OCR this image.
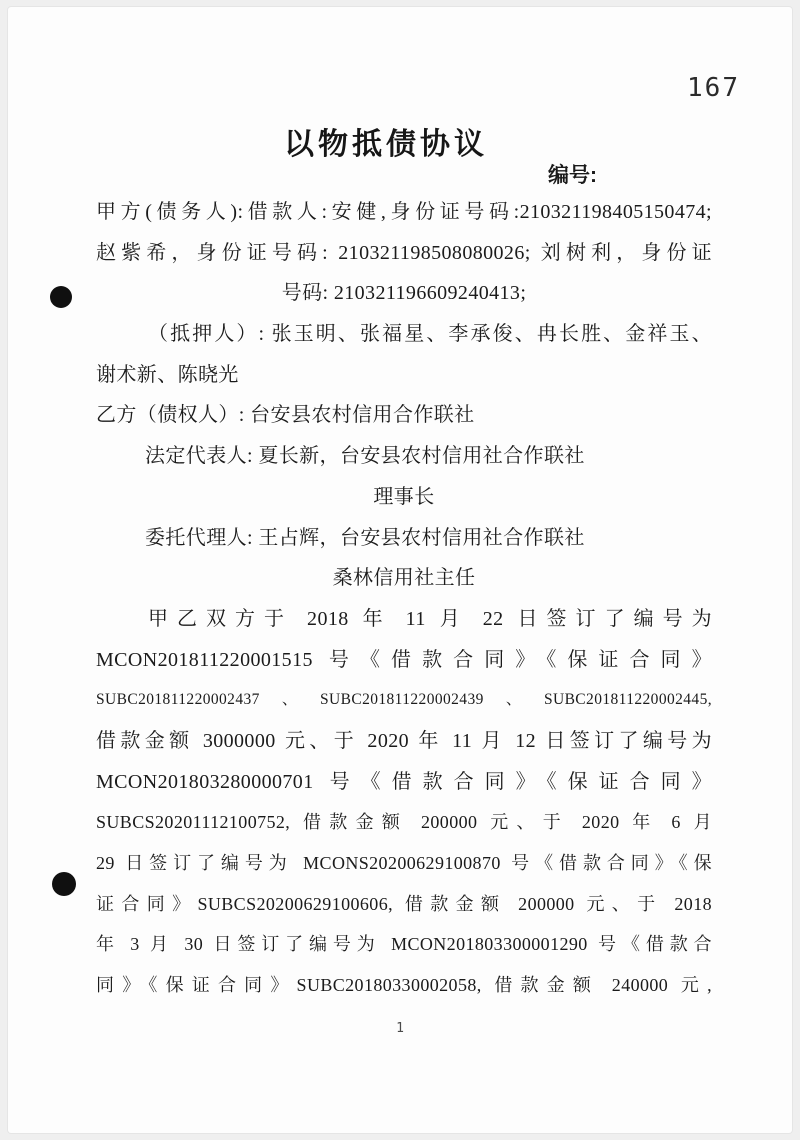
167
以物抵债协议
编号:
甲方(债务人):借款人:安健,身份证号码:210321198405150474;
赵紫希，身份证号码: 210321198508080026; 刘树利，身份证
号码: 210321196609240413;
（抵押人）: 张玉明、张福星、李承俊、冉长胜、金祥玉、
谢术新、陈晓光
乙方（债权人）: 台安县农村信用合作联社
法定代表人: 夏长新，台安县农村信用社合作联社
理事长
委托代理人: 王占辉，台安县农村信用社合作联社
桑林信用社主任
甲乙双方于 2018 年 11 月 22 日签订了编号为
MCON201811220001515 号《借款合同》《保证合同》
SUBC201811220002437、SUBC201811220002439、SUBC201811220002445,
借款金额 3000000 元、于 2020 年 11 月 12 日签订了编号为
MCON201803280000701 号《借款合同》《保证合同》
SUBCS20201112100752, 借款金额 200000 元、于 2020 年 6 月
29 日签订了编号为 MCONS20200629100870 号《借款合同》《保
证合同》SUBCS20200629100606, 借款金额 200000 元、于 2018
年 3 月 30 日签订了编号为 MCON201803300001290 号《借款合
同》《保证合同》SUBC20180330002058, 借款金额 240000 元,
1
